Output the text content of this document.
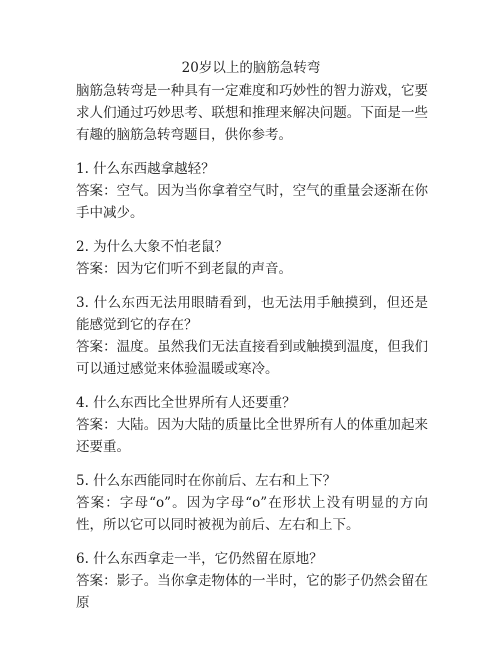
20岁以上的脑筋急转弯

脑筋急转弯是一种具有一定难度和巧妙性的智力游戏，它要求人们通过巧妙思考、联想和推理来解决问题。下面是一些有趣的脑筋急转弯题目，供你参考。

1. 什么东西越拿越轻？

答案：空气。因为当你拿着空气时，空气的重量会逐渐在你手中减少。

2. 为什么大象不怕老鼠？

答案：因为它们听不到老鼠的声音。

3. 什么东西无法用眼睛看到，也无法用手触摸到，但还是能感觉到它的存在？

答案：温度。虽然我们无法直接看到或触摸到温度，但我们可以通过感觉来体验温暖或寒冷。

4. 什么东西比全世界所有人还要重？

答案：大陆。因为大陆的质量比全世界所有人的体重加起来还要重。

5. 什么东西能同时在你前后、左右和上下？

答案：字母“o”。因为字母“o”在形状上没有明显的方向性，所以它可以同时被视为前后、左右和上下。

6. 什么东西拿走一半，它仍然留在原地？

答案：影子。当你拿走物体的一半时，它的影子仍然会留在原
